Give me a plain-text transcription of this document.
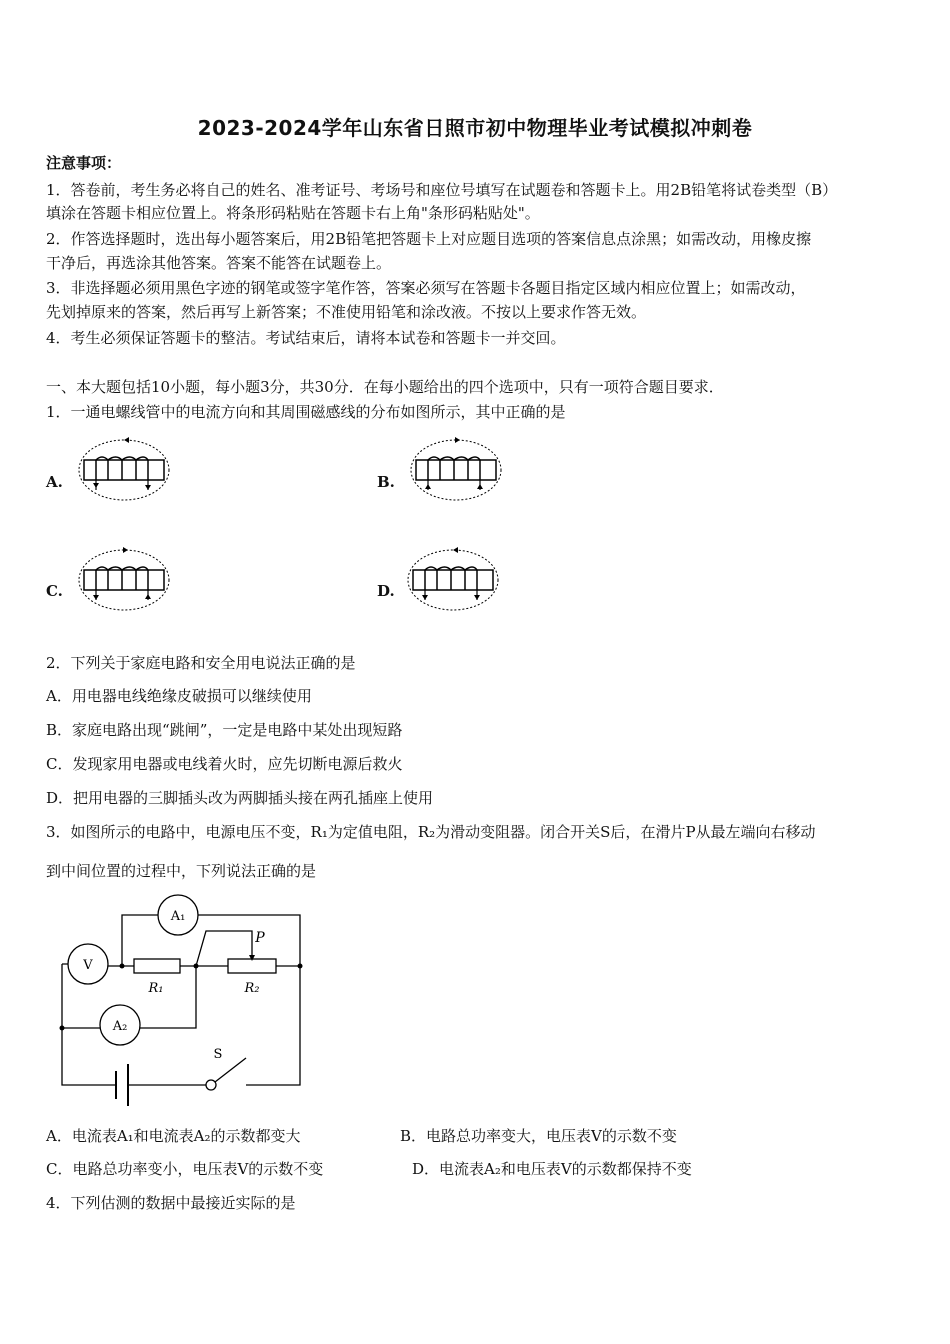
2023-2024学年山东省日照市初中物理毕业考试模拟冲刺卷
注意事项：
1．答卷前，考生务必将自己的姓名、准考证号、考场号和座位号填写在试题卷和答题卡上。用2B铅笔将试卷类型（B）
填涂在答题卡相应位置上。将条形码粘贴在答题卡右上角"条形码粘贴处"。
2．作答选择题时，选出每小题答案后，用2B铅笔把答题卡上对应题目选项的答案信息点涂黑；如需改动，用橡皮擦
干净后，再选涂其他答案。答案不能答在试题卷上。
3．非选择题必须用黑色字迹的钢笔或签字笔作答，答案必须写在答题卡各题目指定区域内相应位置上；如需改动，
先划掉原来的答案，然后再写上新答案；不准使用铅笔和涂改液。不按以上要求作答无效。
4．考生必须保证答题卡的整洁。考试结束后，请将本试卷和答题卡一并交回。
一、本大题包括10小题，每小题3分，共30分．在每小题给出的四个选项中，只有一项符合题目要求．
1．一通电螺线管中的电流方向和其周围磁感线的分布如图所示，其中正确的是
A.	B.
C.	D.
2．下列关于家庭电路和安全用电说法正确的是
A．用电器电线绝缘皮破损可以继续使用
B．家庭电路出现“跳闸”，一定是电路中某处出现短路
C．发现家用电器或电线着火时，应先切断电源后救火
D．把用电器的三脚插头改为两脚插头接在两孔插座上使用
3．如图所示的电路中，电源电压不变，R₁为定值电阻，R₂为滑动变阻器。闭合开关S后，在滑片P从最左端向右移动
到中间位置的过程中，下列说法正确的是
A₁
V
A₂
R₁	R₂
P
S
A．电流表A₁和电流表A₂的示数都变大	B．电路总功率变大，电压表V的示数不变
C．电路总功率变小，电压表V的示数不变	D．电流表A₂和电压表V的示数都保持不变
4．下列估测的数据中最接近实际的是
